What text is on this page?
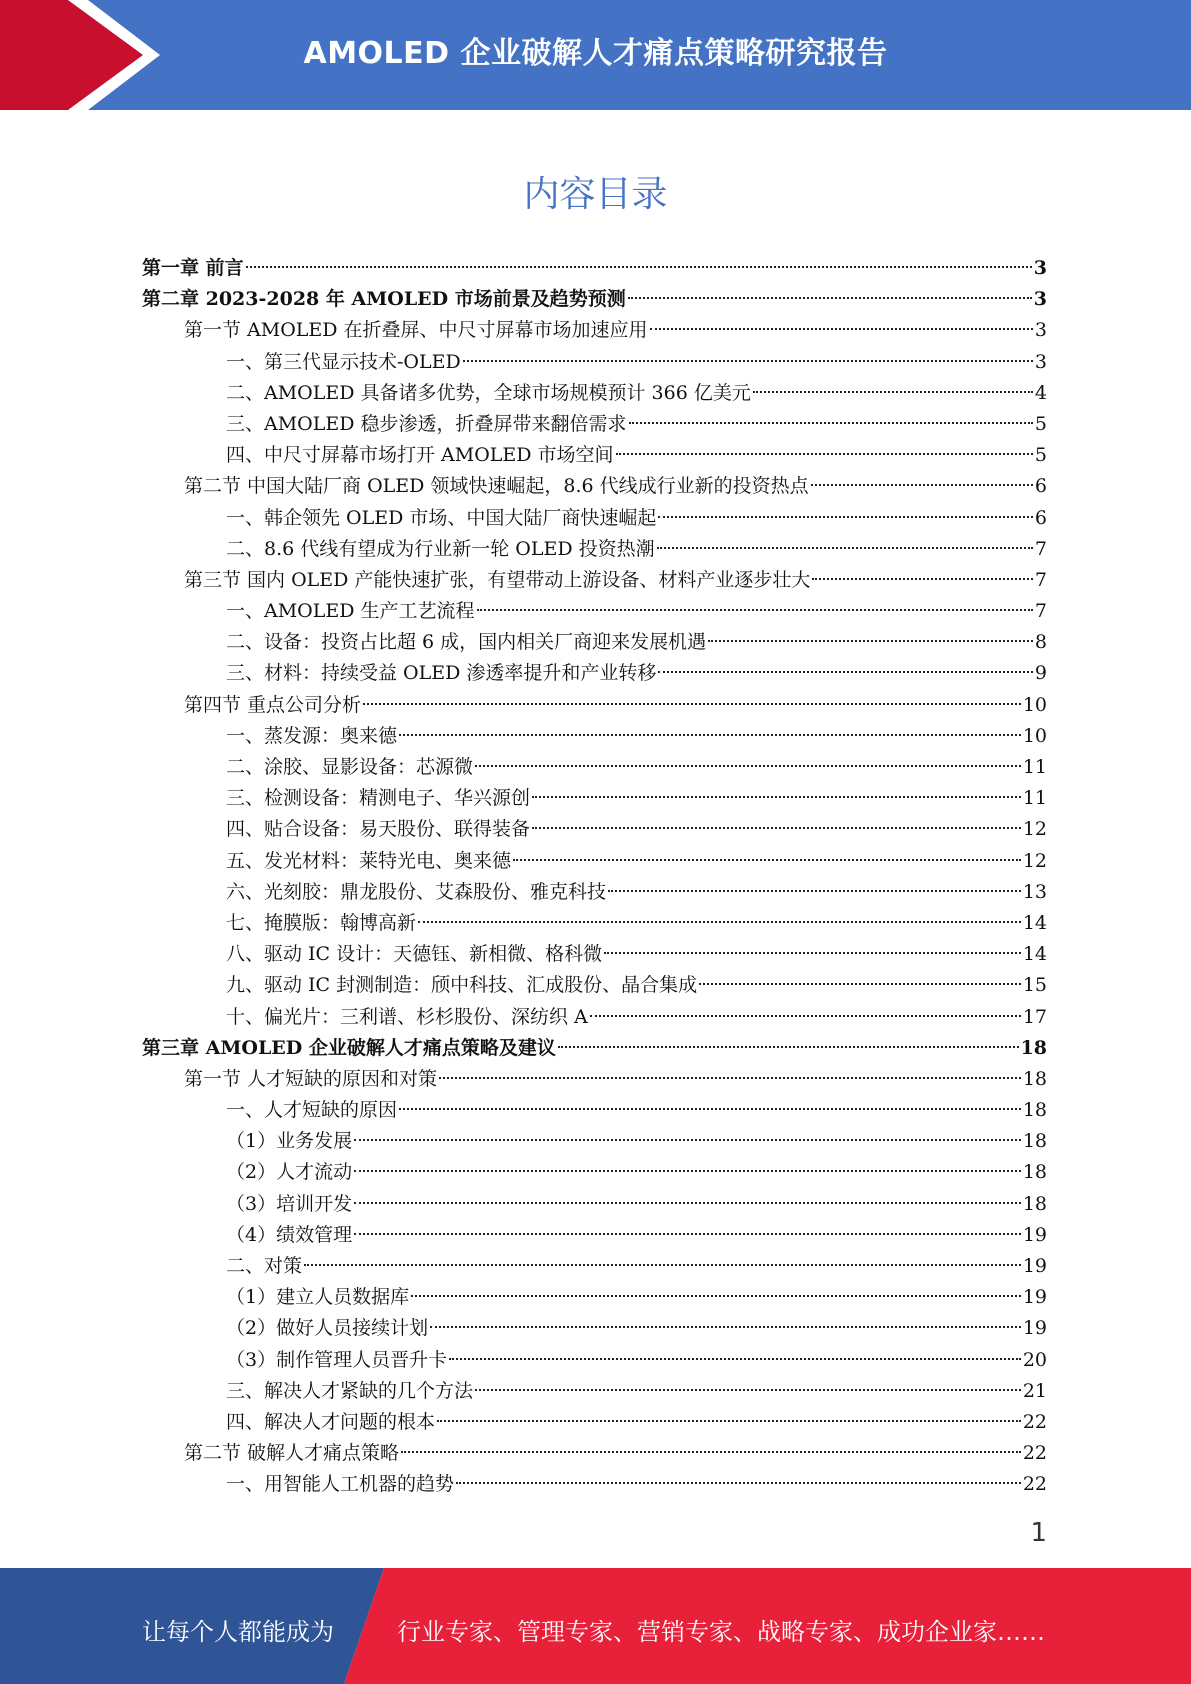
AMOLED 企业破解人才痛点策略研究报告
内容目录
第一章 前言	3
第二章 2023-2028 年 AMOLED 市场前景及趋势预测	3
第一节 AMOLED 在折叠屏、中尺寸屏幕市场加速应用	3
一、第三代显示技术-OLED	3
二、AMOLED 具备诸多优势，全球市场规模预计 366 亿美元	4
三、AMOLED 稳步渗透，折叠屏带来翻倍需求	5
四、中尺寸屏幕市场打开 AMOLED 市场空间	5
第二节 中国大陆厂商 OLED 领域快速崛起，8.6 代线成行业新的投资热点	6
一、韩企领先 OLED 市场、中国大陆厂商快速崛起	6
二、8.6 代线有望成为行业新一轮 OLED 投资热潮	7
第三节 国内 OLED 产能快速扩张，有望带动上游设备、材料产业逐步壮大	7
一、AMOLED 生产工艺流程	7
二、设备：投资占比超 6 成，国内相关厂商迎来发展机遇	8
三、材料：持续受益 OLED 渗透率提升和产业转移	9
第四节 重点公司分析	10
一、蒸发源：奥来德	10
二、涂胶、显影设备：芯源微	11
三、检测设备：精测电子、华兴源创	11
四、贴合设备：易天股份、联得装备	12
五、发光材料：莱特光电、奥来德	12
六、光刻胶：鼎龙股份、艾森股份、雅克科技	13
七、掩膜版：翰博高新	14
八、驱动 IC 设计：天德钰、新相微、格科微	14
九、驱动 IC 封测制造：颀中科技、汇成股份、晶合集成	15
十、偏光片：三利谱、杉杉股份、深纺织 A	17
第三章 AMOLED 企业破解人才痛点策略及建议	18
第一节 人才短缺的原因和对策	18
一、人才短缺的原因	18
（1）业务发展	18
（2）人才流动	18
（3）培训开发	18
（4）绩效管理	19
二、对策	19
（1）建立人员数据库	19
（2）做好人员接续计划	19
（3）制作管理人员晋升卡	20
三、解决人才紧缺的几个方法	21
四、解决人才问题的根本	22
第二节 破解人才痛点策略	22
一、用智能人工机器的趋势	22
1
让每个人都能成为	行业专家、管理专家、营销专家、战略专家、成功企业家……
